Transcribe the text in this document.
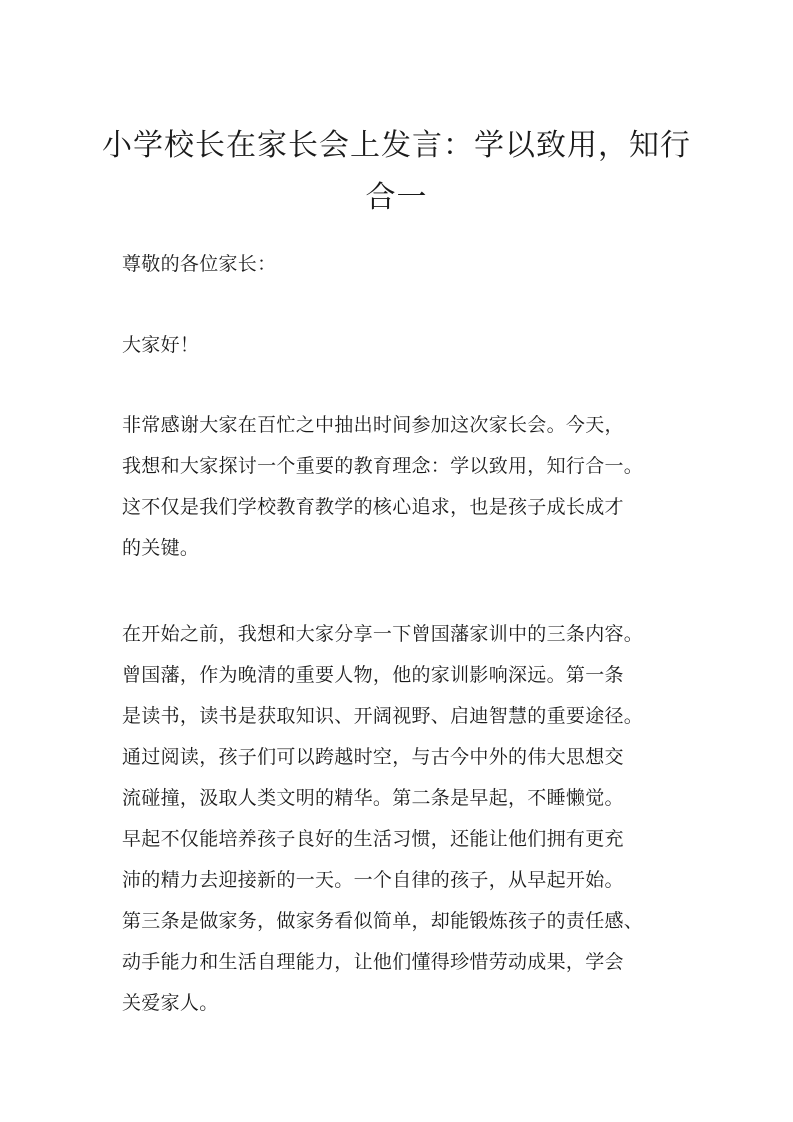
小学校长在家长会上发言：学以致用，知行
合一

尊敬的各位家长：

大家好！

非常感谢大家在百忙之中抽出时间参加这次家长会。今天，
我想和大家探讨一个重要的教育理念：学以致用，知行合一。
这不仅是我们学校教育教学的核心追求，也是孩子成长成才
的关键。

在开始之前，我想和大家分享一下曾国藩家训中的三条内容。
曾国藩，作为晚清的重要人物，他的家训影响深远。第一条
是读书，读书是获取知识、开阔视野、启迪智慧的重要途径。
通过阅读，孩子们可以跨越时空，与古今中外的伟大思想交
流碰撞，汲取人类文明的精华。第二条是早起，不睡懒觉。
早起不仅能培养孩子良好的生活习惯，还能让他们拥有更充
沛的精力去迎接新的一天。一个自律的孩子，从早起开始。
第三条是做家务，做家务看似简单，却能锻炼孩子的责任感、
动手能力和生活自理能力，让他们懂得珍惜劳动成果，学会
关爱家人。
